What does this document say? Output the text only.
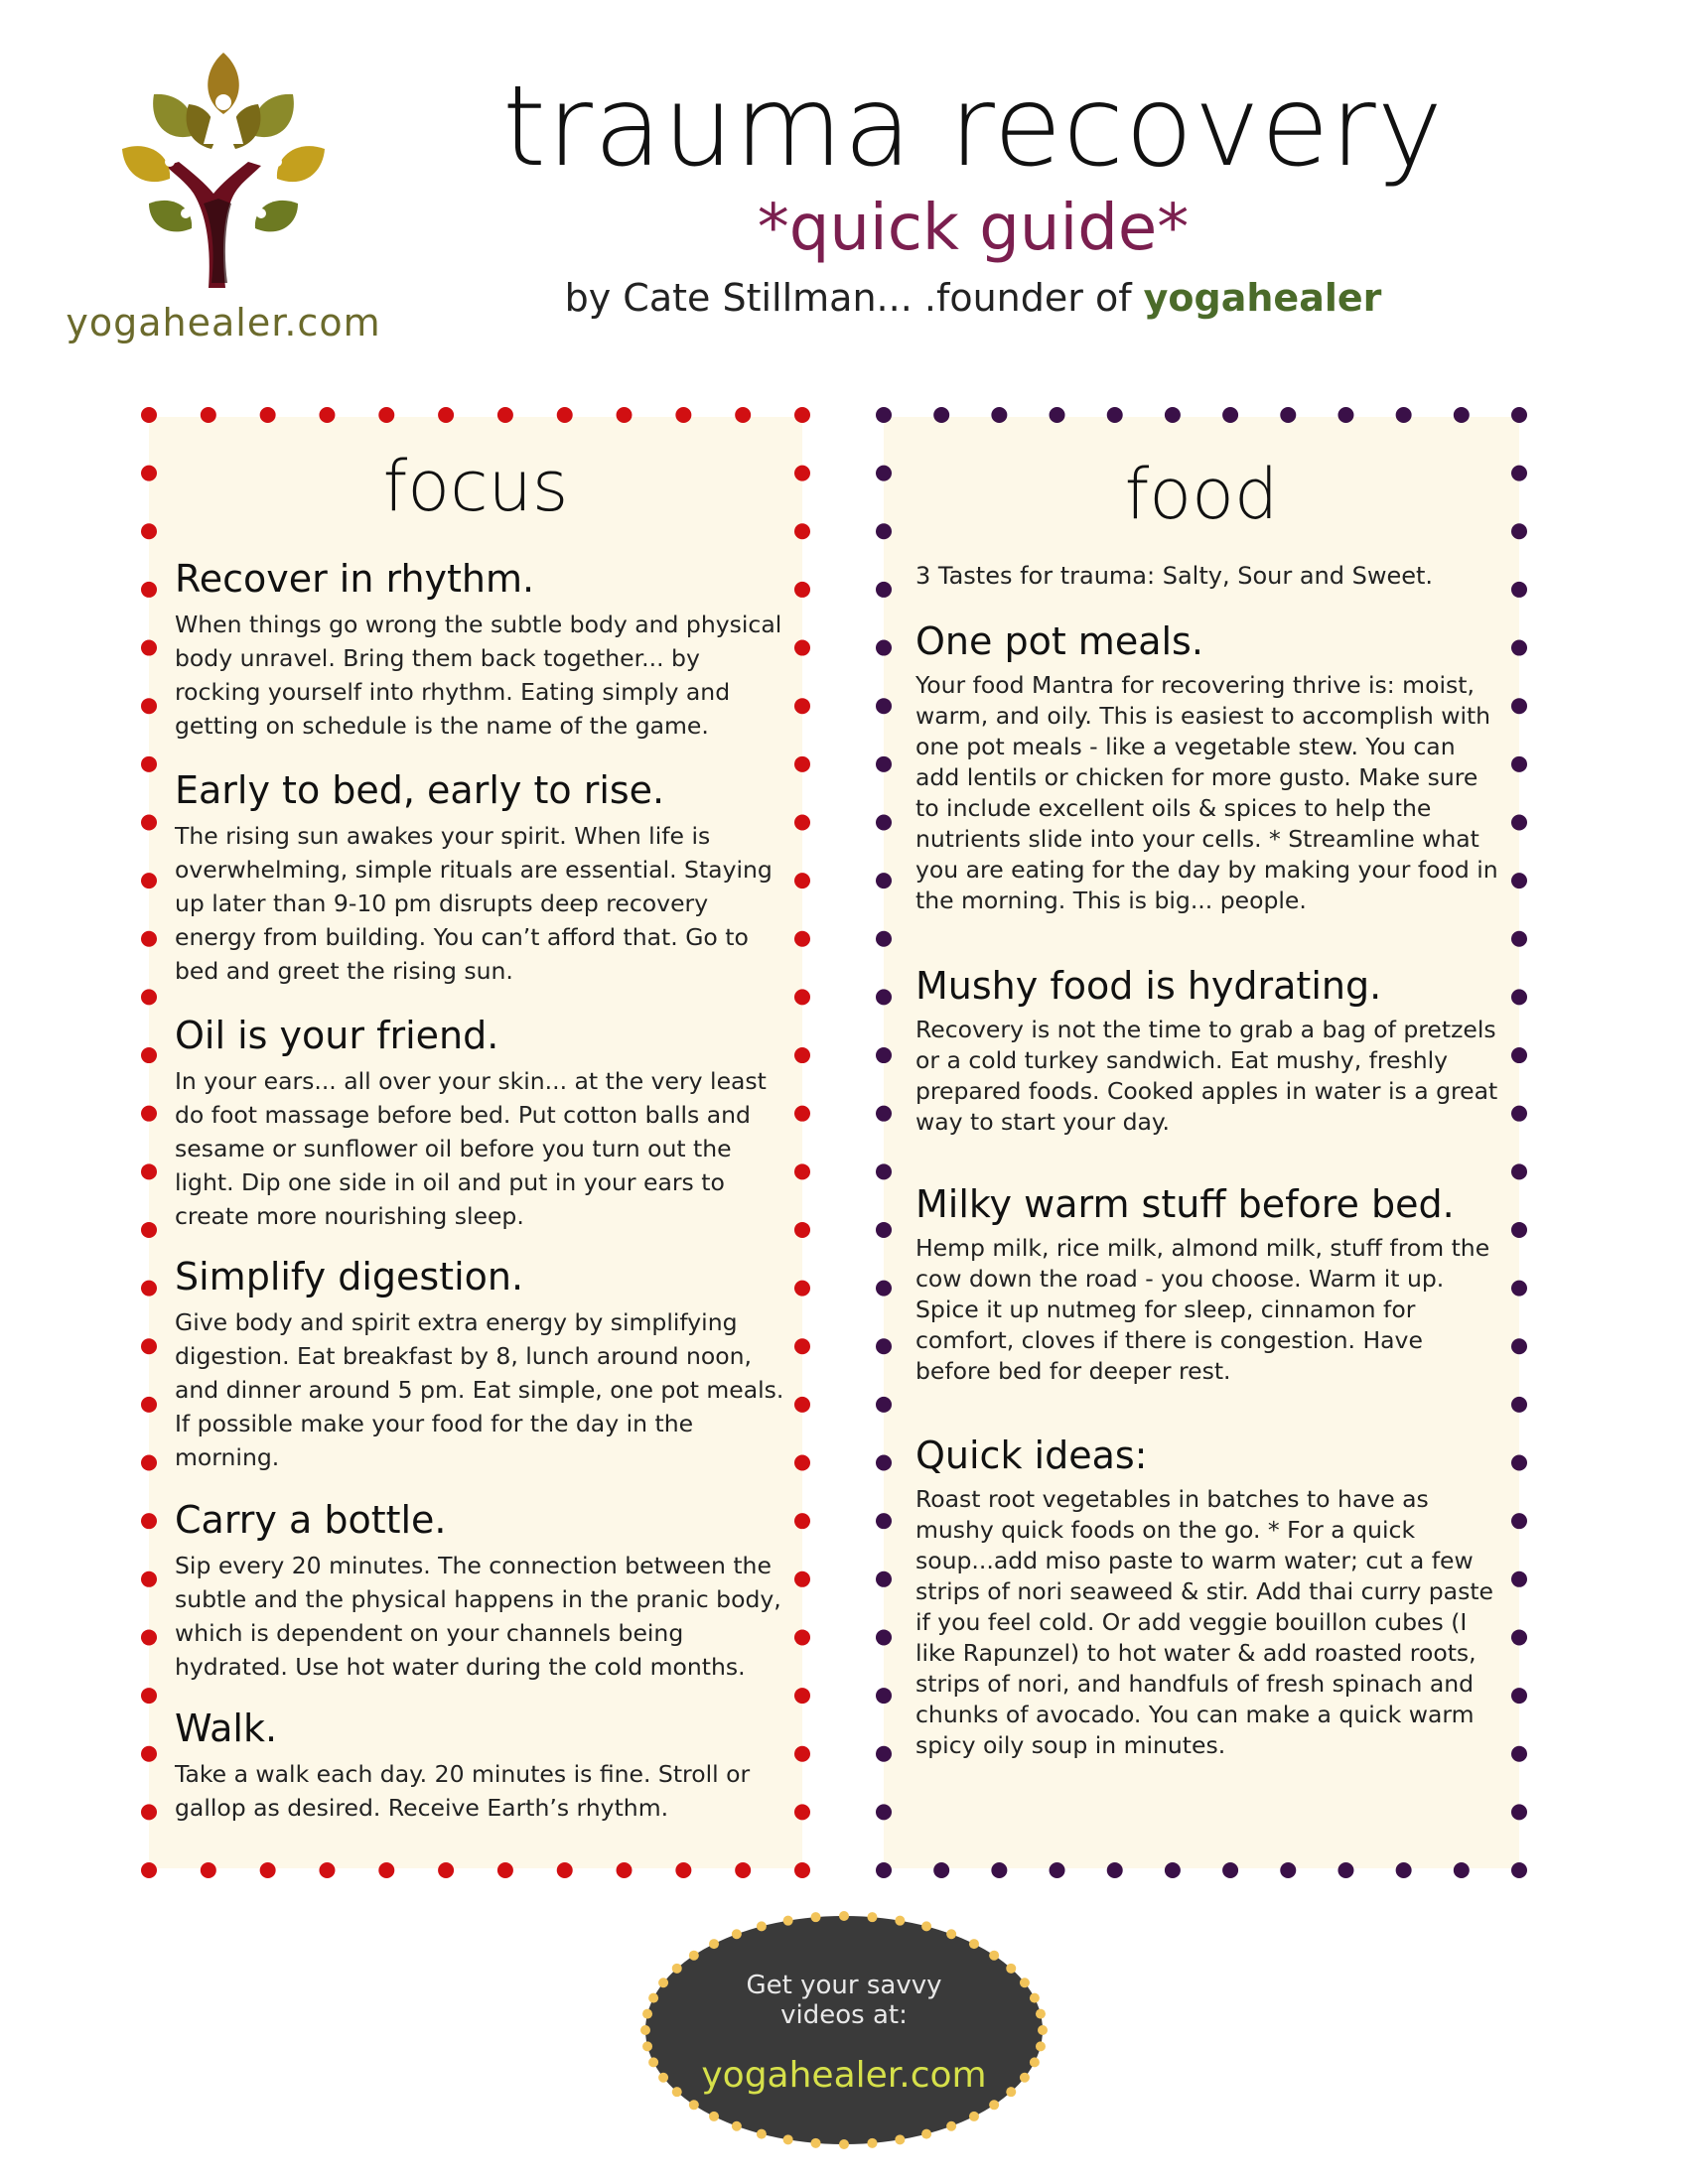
yogahealer.com
trauma recovery
*quick guide*
by Cate Stillman... .founder of yogahealer
focus
Recover in rhythm.

When things go wrong the subtle body and physical body unravel. Bring them back together... by rocking yourself into rhythm. Eating simply and getting on schedule is the name of the game.

Early to bed, early to rise.

The rising sun awakes your spirit. When life is overwhelming, simple rituals are essential. Staying up later than 9-10 pm disrupts deep recovery energy from building. You can’t afford that. Go to bed and greet the rising sun.

Oil is your friend.

In your ears... all over your skin... at the very least do foot massage before bed. Put cotton balls and sesame or sunflower oil before you turn out the light. Dip one side in oil and put in your ears to create more nourishing sleep.

Simplify digestion.

Give body and spirit extra energy by simplifying digestion. Eat breakfast by 8, lunch around noon, and dinner around 5 pm. Eat simple, one pot meals. If possible make your food for the day in the morning.

Carry a bottle.

Sip every 20 minutes. The connection between the subtle and the physical happens in the pranic body, which is dependent on your channels being hydrated. Use hot water during the cold months.

Walk.

Take a walk each day. 20 minutes is fine. Stroll or gallop as desired. Receive Earth’s rhythm.

food
3 Tastes for trauma: Salty, Sour and Sweet.
One pot meals.

Your food Mantra for recovering thrive is: moist, warm, and oily. This is easiest to accomplish with one pot meals - like a vegetable stew. You can add lentils or chicken for more gusto. Make sure to include excellent oils & spices to help the nutrients slide into your cells. * Streamline what you are eating for the day by making your food in the morning. This is big... people.

Mushy food is hydrating.

Recovery is not the time to grab a bag of pretzels or a cold turkey sandwich. Eat mushy, freshly prepared foods. Cooked apples in water is a great way to start your day.

Milky warm stuff before bed.

Hemp milk, rice milk, almond milk, stuff from the cow down the road - you choose. Warm it up. Spice it up nutmeg for sleep, cinnamon for comfort, cloves if there is congestion. Have before bed for deeper rest.

Quick ideas:

Roast root vegetables in batches to have as mushy quick foods on the go. * For a quick soup...add miso paste to warm water; cut a few strips of nori seaweed & stir. Add thai curry paste if you feel cold. Or add veggie bouillon cubes (I like Rapunzel) to hot water & add roasted roots, strips of nori, and handfuls of fresh spinach and chunks of avocado. You can make a quick warm spicy oily soup in minutes.

Get your savvy
videos at:
yogahealer.com
